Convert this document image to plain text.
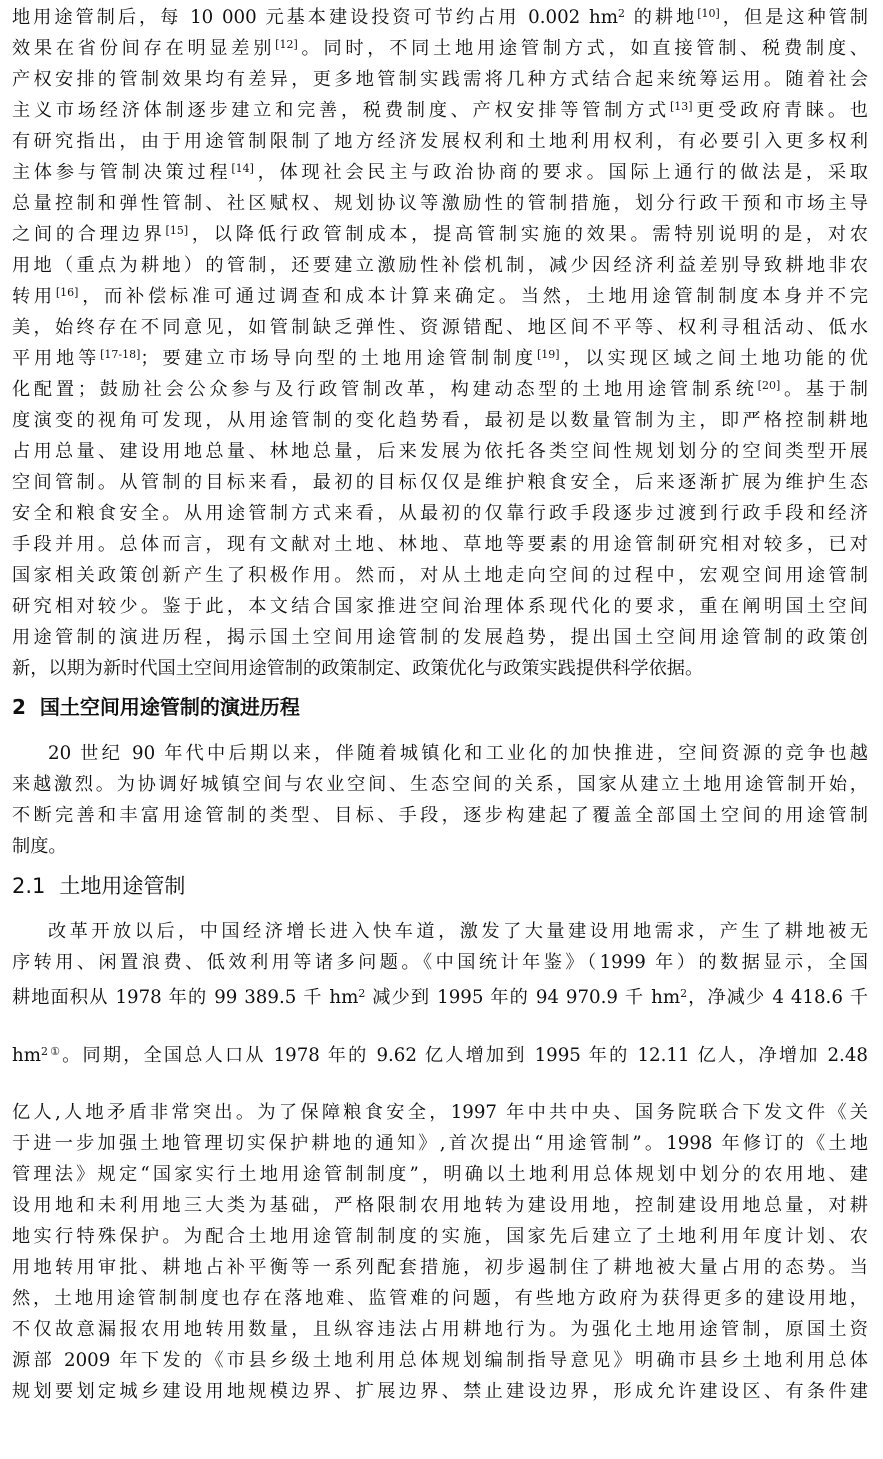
地用途管制后，每 10 000 元基本建设投资可节约占用 0.002 $hm^2$ 的耕地[10]，但是这种管制
效果在省份间存在明显差别[12]。同时，不同土地用途管制方式，如直接管制、税费制度、
产权安排的管制效果均有差异，更多地管制实践需将几种方式结合起来统筹运用。随着社会
主义市场经济体制逐步建立和完善，税费制度、产权安排等管制方式[13]更受政府青睐。也
有研究指出，由于用途管制限制了地方经济发展权利和土地利用权利，有必要引入更多权利
主体参与管制决策过程[14]，体现社会民主与政治协商的要求。国际上通行的做法是，采取
总量控制和弹性管制、社区赋权、规划协议等激励性的管制措施，划分行政干预和市场主导
之间的合理边界[15]，以降低行政管制成本，提高管制实施的效果。需特别说明的是，对农
用地（重点为耕地）的管制，还要建立激励性补偿机制，减少因经济利益差别导致耕地非农
转用[16]，而补偿标准可通过调查和成本计算来确定。当然，土地用途管制制度本身并不完
美，始终存在不同意见，如管制缺乏弹性、资源错配、地区间不平等、权利寻租活动、低水
平用地等[17-18]；要建立市场导向型的土地用途管制制度[19]，以实现区域之间土地功能的优
化配置；鼓励社会公众参与及行政管制改革，构建动态型的土地用途管制系统[20]。基于制
度演变的视角可发现，从用途管制的变化趋势看，最初是以数量管制为主，即严格控制耕地
占用总量、建设用地总量、林地总量，后来发展为依托各类空间性规划划分的空间类型开展
空间管制。从管制的目标来看，最初的目标仅仅是维护粮食安全，后来逐渐扩展为维护生态
安全和粮食安全。从用途管制方式来看，从最初的仅靠行政手段逐步过渡到行政手段和经济
手段并用。总体而言，现有文献对土地、林地、草地等要素的用途管制研究相对较多，已对
国家相关政策创新产生了积极作用。然而，对从土地走向空间的过程中，宏观空间用途管制
研究相对较少。鉴于此，本文结合国家推进空间治理体系现代化的要求，重在阐明国土空间
用途管制的演进历程，揭示国土空间用途管制的发展趋势，提出国土空间用途管制的政策创
新，以期为新时代国土空间用途管制的政策制定、政策优化与政策实践提供科学依据。
2 国土空间用途管制的演进历程
20 世纪 90 年代中后期以来，伴随着城镇化和工业化的加快推进，空间资源的竞争也越
来越激烈。为协调好城镇空间与农业空间、生态空间的关系，国家从建立土地用途管制开始，
不断完善和丰富用途管制的类型、目标、手段，逐步构建起了覆盖全部国土空间的用途管制
制度。
2.1 土地用途管制
改革开放以后，中国经济增长进入快车道，激发了大量建设用地需求，产生了耕地被无
序转用、闲置浪费、低效利用等诸多问题。《中国统计年鉴》（1999 年）的数据显示，全国
耕地面积从 1978 年的 99 389.5 千 $hm^2$ 减少到 1995 年的 94 970.9 千 $hm^2$，净减少 4 418.6 千
$hm^{2①}$。同期，全国总人口从 1978 年的 9.62 亿人增加到 1995 年的 12.11 亿人，净增加 2.48
亿人,人地矛盾非常突出。为了保障粮食安全，1997 年中共中央、国务院联合下发文件《关
于进一步加强土地管理切实保护耕地的通知》,首次提出“用途管制”。1998 年修订的《土地
管理法》规定“国家实行土地用途管制制度”，明确以土地利用总体规划中划分的农用地、建
设用地和未利用地三大类为基础，严格限制农用地转为建设用地，控制建设用地总量，对耕
地实行特殊保护。为配合土地用途管制制度的实施，国家先后建立了土地利用年度计划、农
用地转用审批、耕地占补平衡等一系列配套措施，初步遏制住了耕地被大量占用的态势。当
然，土地用途管制制度也存在落地难、监管难的问题，有些地方政府为获得更多的建设用地，
不仅故意漏报农用地转用数量，且纵容违法占用耕地行为。为强化土地用途管制，原国土资
源部 2009 年下发的《市县乡级土地利用总体规划编制指导意见》明确市县乡土地利用总体
规划要划定城乡建设用地规模边界、扩展边界、禁止建设边界，形成允许建设区、有条件建
